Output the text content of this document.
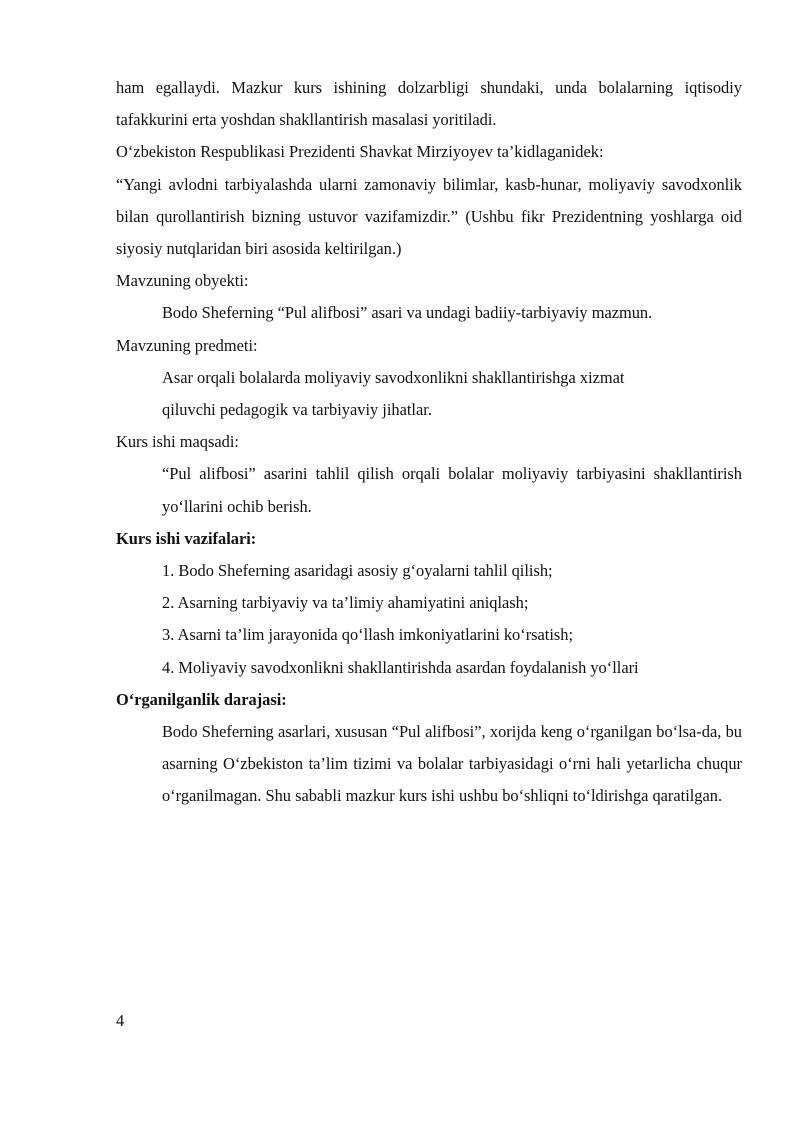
ham egallaydi. Mazkur kurs ishining dolzarbligi shundaki, unda bolalarning iqtisodiy tafakkurini erta yoshdan shakllantirish masalasi yoritiladi.

O‘zbekiston Respublikasi Prezidenti Shavkat Mirziyoyev ta’kidlaganidek:

“Yangi avlodni tarbiyalashda ularni zamonaviy bilimlar, kasb-hunar, moliyaviy savodxonlik bilan qurollantirish bizning ustuvor vazifamizdir.” (Ushbu fikr Prezidentning yoshlarga oid siyosiy nutqlaridan biri asosida keltirilgan.)

Mavzuning obyekti:

Bodo Sheferning “Pul alifbosi” asari va undagi badiiy-tarbiyaviy mazmun.

Mavzuning predmeti:

Asar orqali bolalarda moliyaviy savodxonlikni shakllantirishga xizmat qiluvchi pedagogik va tarbiyaviy jihatlar.

Kurs ishi maqsadi:

“Pul alifbosi” asarini tahlil qilish orqali bolalar moliyaviy tarbiyasini shakllantirish yo‘llarini ochib berish.

Kurs ishi vazifalari:

1. Bodo Sheferning asaridagi asosiy g‘oyalarni tahlil qilish;

2. Asarning tarbiyaviy va ta’limiy ahamiyatini aniqlash;

3. Asarni ta’lim jarayonida qo‘llash imkoniyatlarini ko‘rsatish;

4. Moliyaviy savodxonlikni shakllantirishda asardan foydalanish yo‘llari

O‘rganilganlik darajasi:

Bodo Sheferning asarlari, xususan “Pul alifbosi”, xorijda keng o‘rganilgan bo‘lsa-da, bu asarning O‘zbekiston ta’lim tizimi va bolalar tarbiyasidagi o‘rni hali yetarlicha chuqur o‘rganilmagan. Shu sababli mazkur kurs ishi ushbu bo‘shliqni to‘ldirishga qaratilgan.

4
